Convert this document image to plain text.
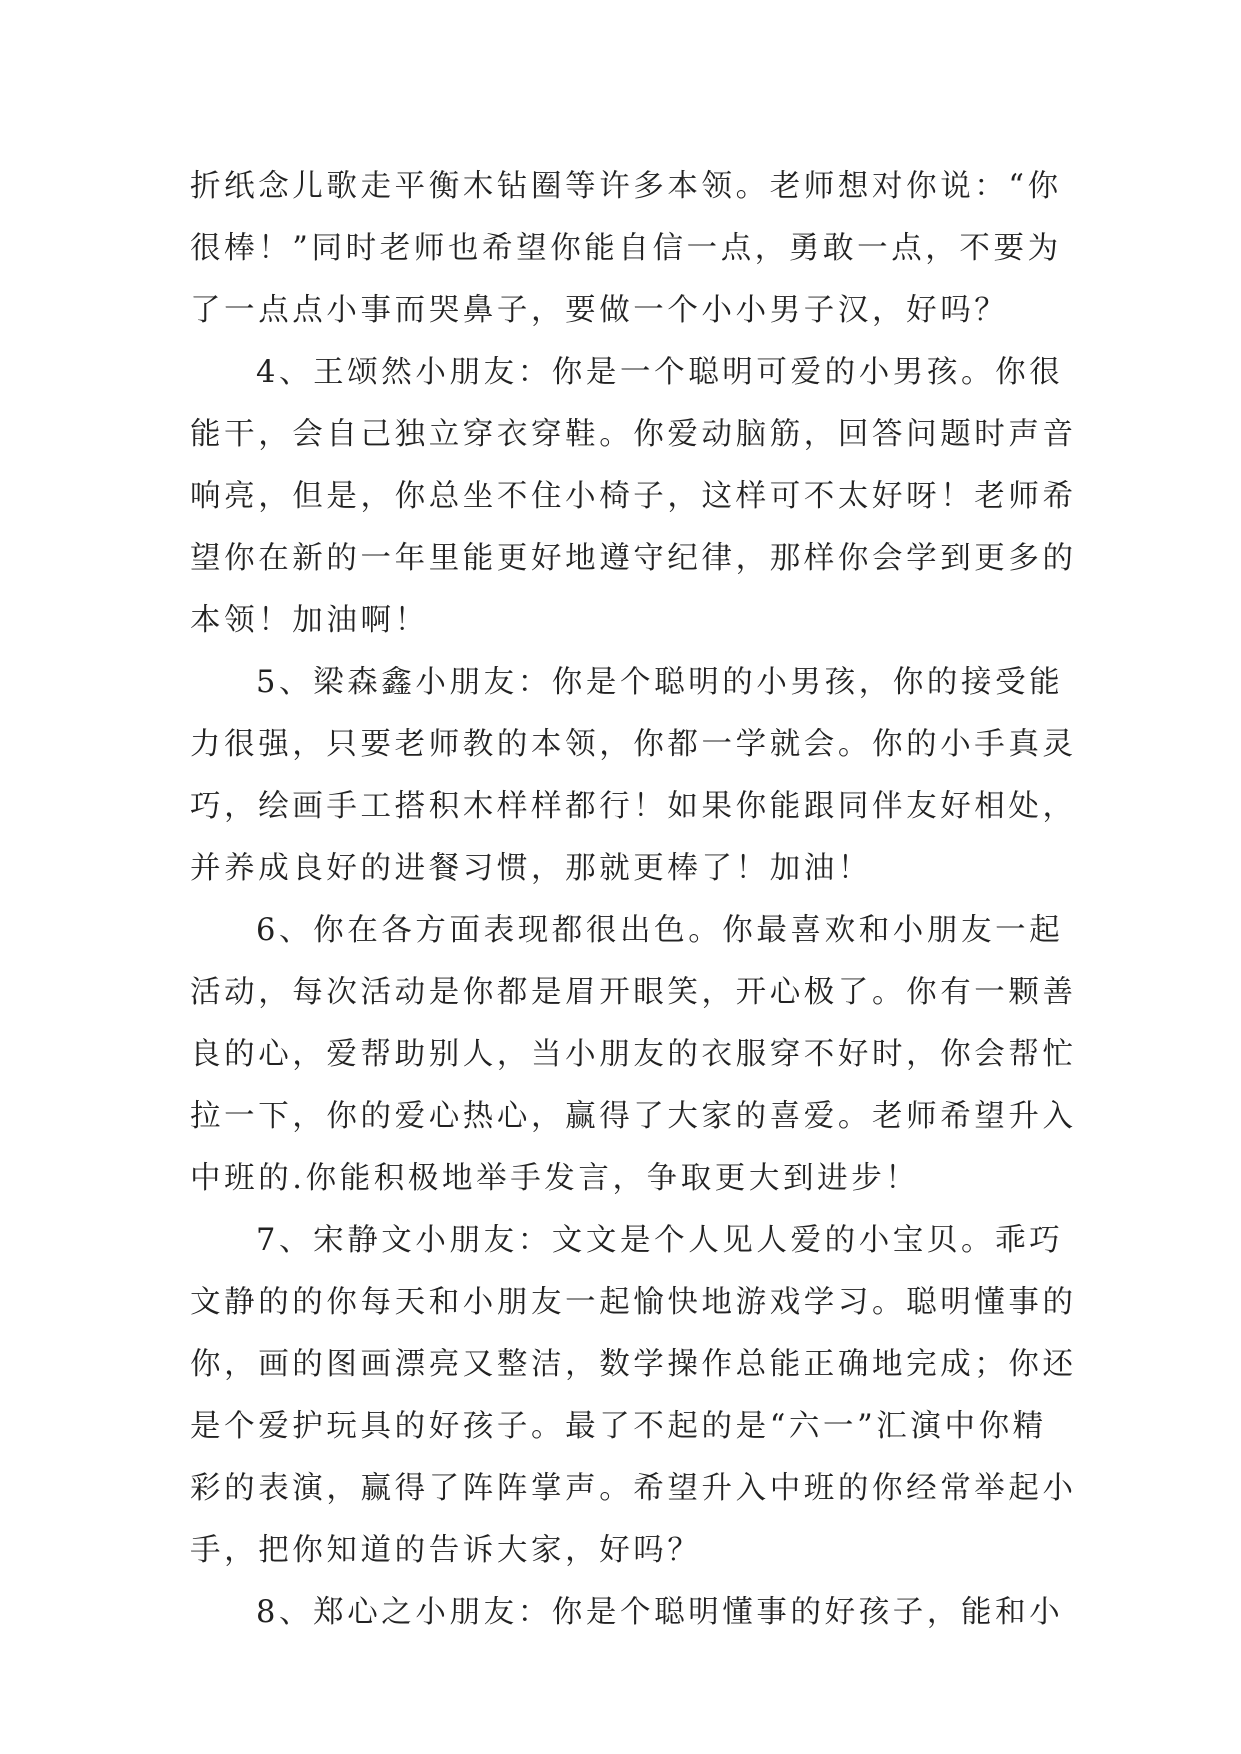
折纸念儿歌走平衡木钻圈等许多本领。老师想对你说：“你
很棒！”同时老师也希望你能自信一点，勇敢一点，不要为
了一点点小事而哭鼻子，要做一个小小男子汉，好吗？
4、王颂然小朋友：你是一个聪明可爱的小男孩。你很
能干，会自己独立穿衣穿鞋。你爱动脑筋，回答问题时声音
响亮，但是，你总坐不住小椅子，这样可不太好呀！老师希
望你在新的一年里能更好地遵守纪律，那样你会学到更多的
本领！加油啊！
5、梁森鑫小朋友：你是个聪明的小男孩，你的接受能
力很强，只要老师教的本领，你都一学就会。你的小手真灵
巧，绘画手工搭积木样样都行！如果你能跟同伴友好相处，
并养成良好的进餐习惯，那就更棒了！加油！
6、你在各方面表现都很出色。你最喜欢和小朋友一起
活动，每次活动是你都是眉开眼笑，开心极了。你有一颗善
良的心，爱帮助别人，当小朋友的衣服穿不好时，你会帮忙
拉一下，你的爱心热心，赢得了大家的喜爱。老师希望升入
中班的.你能积极地举手发言，争取更大到进步！
7、宋静文小朋友：文文是个人见人爱的小宝贝。乖巧
文静的的你每天和小朋友一起愉快地游戏学习。聪明懂事的
你，画的图画漂亮又整洁，数学操作总能正确地完成；你还
是个爱护玩具的好孩子。最了不起的是“六一”汇演中你精
彩的表演，赢得了阵阵掌声。希望升入中班的你经常举起小
手，把你知道的告诉大家，好吗？
8、郑心之小朋友：你是个聪明懂事的好孩子，能和小
